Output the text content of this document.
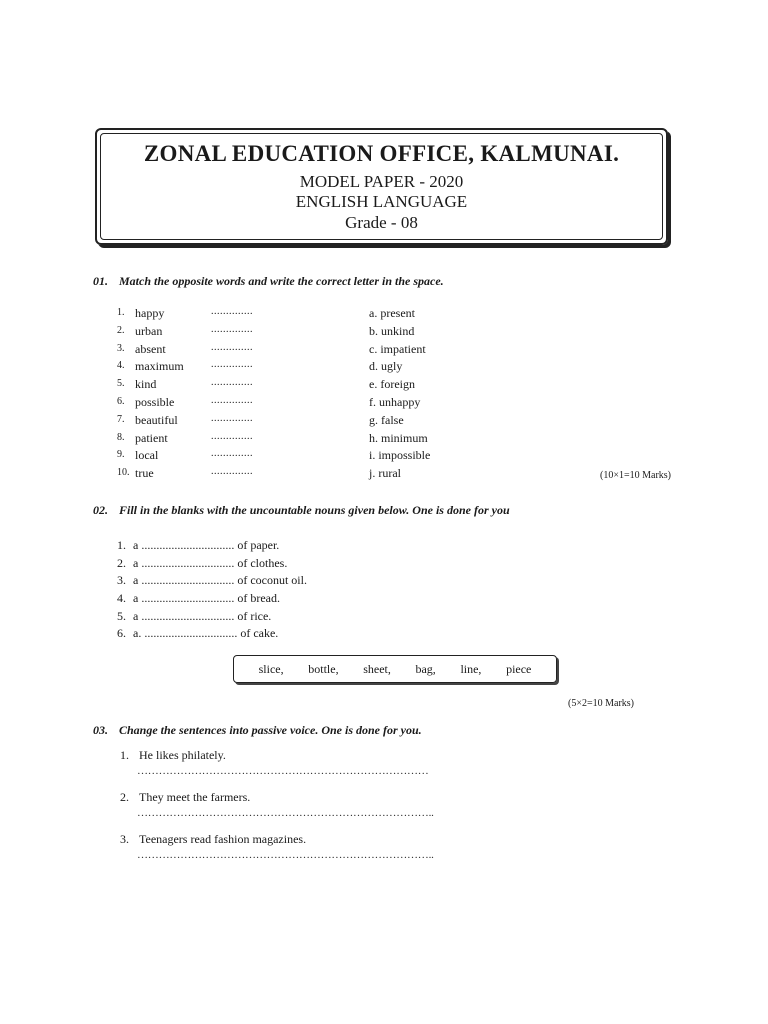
ZONAL EDUCATION OFFICE, KALMUNAI.
MODEL PAPER - 2020
ENGLISH LANGUAGE
Grade - 08
01. Match the opposite words and write the correct letter in the space.
1. happy	..............	a. present
2. urban	..............	b. unkind
3. absent	..............	c. impatient
4. maximum	..............	d. ugly
5. kind	..............	e. foreign
6. possible	..............	f. unhappy
7. beautiful	..............	g. false
8. patient	..............	h. minimum
9. local	..............	i. impossible
10. true	..............	j. rural	(10×1=10 Marks)
02. Fill in the blanks with the uncountable nouns given below. One is done for you
1. a ............................... of paper.
2. a ............................... of clothes.
3. a ............................... of coconut oil.
4. a ............................... of bread.
5. a ............................... of rice.
6. a. ............................... of cake.
slice, bottle, sheet, bag, line, piece
(5×2=10 Marks)
03. Change the sentences into passive voice. One is done for you.
1. He likes philately.
………………………………………………………………………
2. They meet the farmers.
………………………………………………………………………..
3. Teenagers read fashion magazines.
………………………………………………………………………..
